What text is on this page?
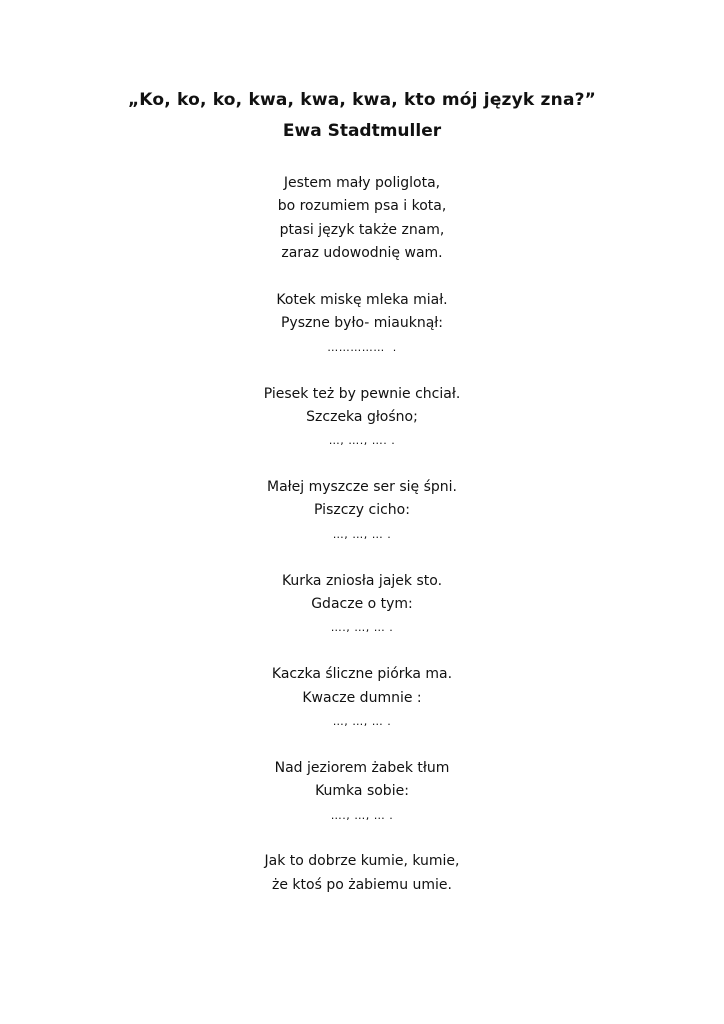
„Ko, ko, ko, kwa, kwa, kwa, kto mój język zna?”
Ewa Stadtmuller
Jestem mały poliglota,
bo rozumiem psa i kota,
ptasi język także znam,
zaraz udowodnię wam.
Kotek miskę mleka miał.
Pyszne było- miauknął:
……………  .
Piesek też by pewnie chciał.
Szczeka głośno;
…, …., …. .
Małej myszcze ser się śpni.
Piszczy cicho:
…, …, … .
Kurka zniosła jajek sto.
Gdacze o tym:
…., …, … .
Kaczka śliczne piórka ma.
Kwacze dumnie :
…, …, … .
Nad jeziorem żabek tłum
Kumka sobie:
…., …, … .
Jak to dobrze kumie, kumie,
że ktoś po żabiemu umie.
